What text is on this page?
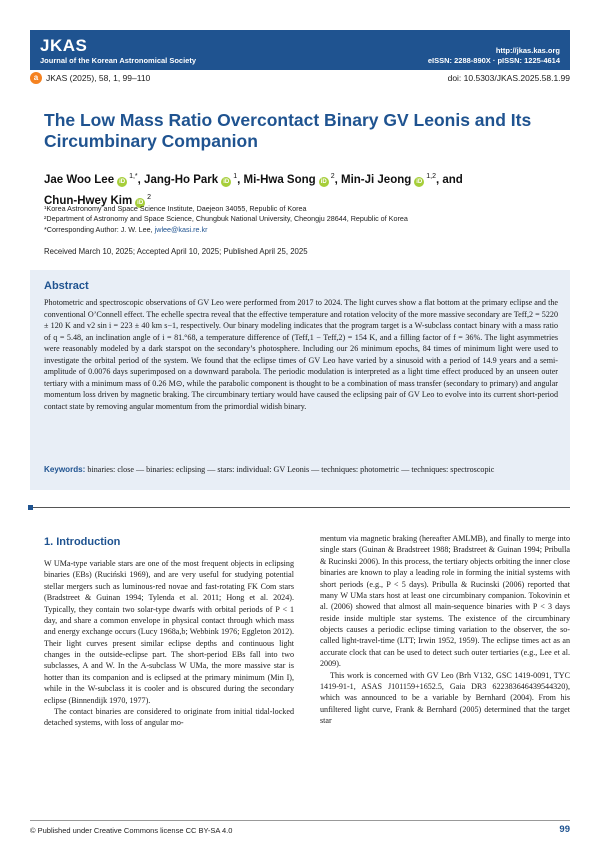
JKAS
Journal of the Korean Astronomical Society
http://jkas.kas.org
eISSN: 2288-890X · pISSN: 1225-4614
a JKAS (2025), 58, 1, 99–110	doi: 10.5303/JKAS.2025.58.1.99
The Low Mass Ratio Overcontact Binary GV Leonis and Its Circumbinary Companion
Jae Woo Lee $iD^{1,*}$, Jang-Ho Park $iD^1$, Mi-Hwa Song $iD^2$, Min-Ji Jeong iD$^{1,2}$, and
Chun-Hwey Kim $iD^2$
¹Korea Astronomy and Space Science Institute, Daejeon 34055, Republic of Korea
²Department of Astronomy and Space Science, Chungbuk National University, Cheongju 28644, Republic of Korea
*Corresponding Author: J. W. Lee, jwlee@kasi.re.kr
Received March 10, 2025; Accepted April 10, 2025; Published April 25, 2025
Abstract
Photometric and spectroscopic observations of GV Leo were performed from 2017 to 2024. The light curves show a flat bottom at the primary eclipse and the conventional O’Connell effect. The echelle spectra reveal that the effective temperature and rotation velocity of the more massive secondary are Teff,2 = 5220 ± 120 K and v2 sin i = 223 ± 40 km s−1, respectively. Our binary modeling indicates that the program target is a W-subclass contact binary with a mass ratio of q = 5.48, an inclination angle of i = 81.°68, a temperature difference of (Teff,1 − Teff,2) = 154 K, and a filling factor of f = 36%. The light asymmetries were reasonably modeled by a dark starspot on the secondary’s photosphere. Including our 26 minimum epochs, 84 times of minimum light were used to investigate the orbital period of the system. We found that the eclipse times of GV Leo have varied by a sinusoid with a period of 14.9 years and a semi-amplitude of 0.0076 days superimposed on a downward parabola. The periodic modulation is interpreted as a light time effect produced by an unseen outer tertiary with a minimum mass of 0.26 M⊙, while the parabolic component is thought to be a combination of mass transfer (secondary to primary) and angular momentum loss driven by magnetic braking. The circumbinary tertiary would have caused the eclipsing pair of GV Leo to evolve into its current short-period contact state by removing angular momentum from the primordial widish binary.
Keywords: binaries: close — binaries: eclipsing — stars: individual: GV Leonis — techniques: photometric — techniques: spectroscopic
1. Introduction

W UMa-type variable stars are one of the most frequent objects in eclipsing binaries (EBs) (Ruciński 1969), and are very useful for studying potential stellar mergers such as luminous-red novae and fast-rotating FK Com stars (Bradstreet & Guinan 1994; Tylenda et al. 2011; Hong et al. 2024). Typically, they contain two solar-type dwarfs with orbital periods of P < 1 day, and share a common envelope in physical contact through which mass and energy exchange occurs (Lucy 1968a,b; Webbink 1976; Eggleton 2012). Their light curves present similar eclipse depths and continuous light changes in the outside-eclipse part. The short-period EBs fall into two subclasses, A and W. In the A-subclass W UMa, the more massive star is hotter than its companion and is eclipsed at the primary minimum (Min I), while in the W-subclass it is cooler and is obscured during the secondary eclipse (Binnendijk 1970, 1977).

The contact binaries are considered to originate from initial tidal-locked detached systems, with loss of angular mo-

mentum via magnetic braking (hereafter AMLMB), and finally to merge into single stars (Guinan & Bradstreet 1988; Bradstreet & Guinan 1994; Pribulla & Rucinski 2006). In this process, the tertiary objects orbiting the inner close binaries are known to play a leading role in forming the initial systems with short periods (e.g., P < 5 days). Pribulla & Rucinski (2006) reported that many W UMa stars host at least one circumbinary companion. Tokovinin et al. (2006) showed that almost all main-sequence binaries with P < 3 days reside inside multiple star systems. The existence of the circumbinary objects causes a periodic eclipse timing variation to the observer, the so-called light-travel-time (LTT; Irwin 1952, 1959). The eclipse times act as an accurate clock that can be used to detect such outer tertiaries (e.g., Lee et al. 2009).

This work is concerned with GV Leo (Brh V132, GSC 1419-0091, TYC 1419-91-1, ASAS J101159+1652.5, Gaia DR3 622383646439544320), which was announced to be a variable by Bernhard (2004). From his unfiltered light curve, Frank & Bernhard (2005) determined that the target star

© Published under Creative Commons license CC BY-SA 4.0	99
